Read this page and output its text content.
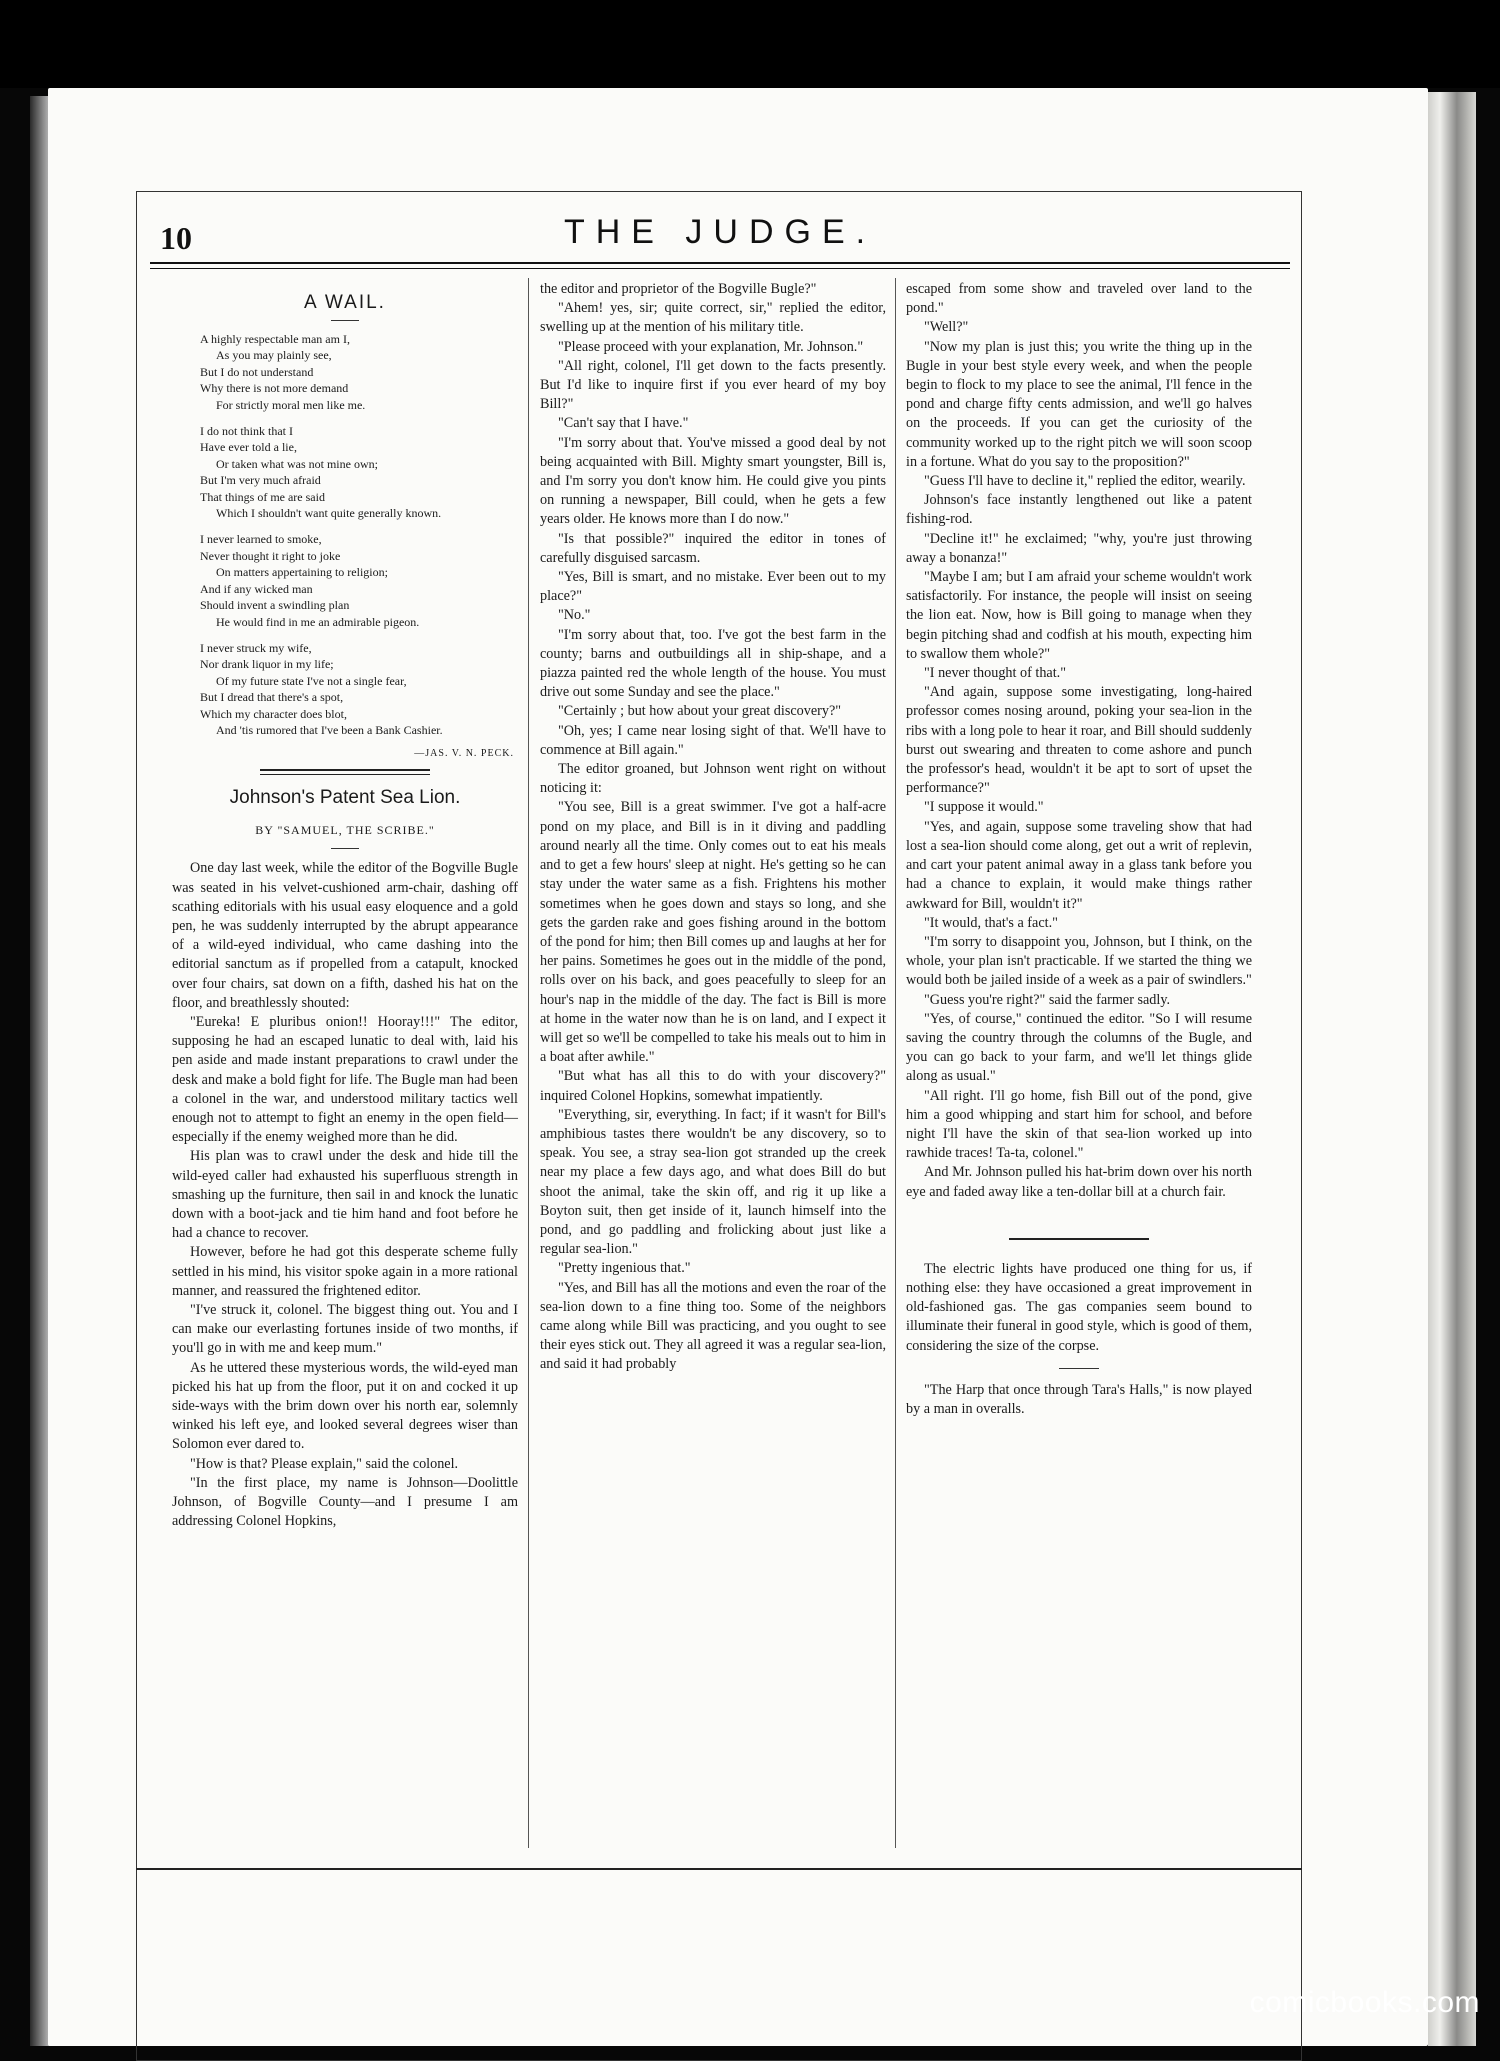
10	THE JUDGE.
A WAIL.
A highly respectable man am I,
As you may plainly see,
But I do not understand
Why there is not more demand
For strictly moral men like me.
I do not think that I
Have ever told a lie,
Or taken what was not mine own;
But I'm very much afraid
That things of me are said
Which I shouldn't want quite generally known.
I never learned to smoke,
Never thought it right to joke
On matters appertaining to religion;
And if any wicked man
Should invent a swindling plan
He would find in me an admirable pigeon.
I never struck my wife,
Nor drank liquor in my life;
Of my future state I've not a single fear,
But I dread that there's a spot,
Which my character does blot,
And 'tis rumored that I've been a Bank Cashier.
—JAS. V. N. PECK.
Johnson's Patent Sea Lion.
BY "SAMUEL, THE SCRIBE."

One day last week, while the editor of the Bogville Bugle was seated in his velvet-cushioned arm-chair, dashing off scathing editorials with his usual easy eloquence and a gold pen, he was suddenly interrupted by the abrupt appearance of a wild-eyed individual, who came dashing into the editorial sanctum as if propelled from a catapult, knocked over four chairs, sat down on a fifth, dashed his hat on the floor, and breathlessly shouted:

"Eureka! E pluribus onion!! Hooray!!!" The editor, supposing he had an escaped lunatic to deal with, laid his pen aside and made instant preparations to crawl under the desk and make a bold fight for life. The Bugle man had been a colonel in the war, and understood military tactics well enough not to attempt to fight an enemy in the open field—especially if the enemy weighed more than he did.

His plan was to crawl under the desk and hide till the wild-eyed caller had exhausted his superfluous strength in smashing up the furniture, then sail in and knock the lunatic down with a boot-jack and tie him hand and foot before he had a chance to recover.

However, before he had got this desperate scheme fully settled in his mind, his visitor spoke again in a more rational manner, and reassured the frightened editor.

"I've struck it, colonel. The biggest thing out. You and I can make our everlasting fortunes inside of two months, if you'll go in with me and keep mum."

As he uttered these mysterious words, the wild-eyed man picked his hat up from the floor, put it on and cocked it up side-ways with the brim down over his north ear, solemnly winked his left eye, and looked several degrees wiser than Solomon ever dared to.

"How is that? Please explain," said the colonel.

"In the first place, my name is Johnson—Doolittle Johnson, of Bogville County—and I presume I am addressing Colonel Hopkins,

the editor and proprietor of the Bogville Bugle?"

"Ahem! yes, sir; quite correct, sir," replied the editor, swelling up at the mention of his military title.

"Please proceed with your explanation, Mr. Johnson."

"All right, colonel, I'll get down to the facts presently. But I'd like to inquire first if you ever heard of my boy Bill?"

"Can't say that I have."

"I'm sorry about that. You've missed a good deal by not being acquainted with Bill. Mighty smart youngster, Bill is, and I'm sorry you don't know him. He could give you pints on running a newspaper, Bill could, when he gets a few years older. He knows more than I do now."

"Is that possible?" inquired the editor in tones of carefully disguised sarcasm.

"Yes, Bill is smart, and no mistake. Ever been out to my place?"

"No."

"I'm sorry about that, too. I've got the best farm in the county; barns and outbuildings all in ship-shape, and a piazza painted red the whole length of the house. You must drive out some Sunday and see the place."

"Certainly ; but how about your great discovery?"

"Oh, yes; I came near losing sight of that. We'll have to commence at Bill again."

The editor groaned, but Johnson went right on without noticing it:

"You see, Bill is a great swimmer. I've got a half-acre pond on my place, and Bill is in it diving and paddling around nearly all the time. Only comes out to eat his meals and to get a few hours' sleep at night. He's getting so he can stay under the water same as a fish. Frightens his mother sometimes when he goes down and stays so long, and she gets the garden rake and goes fishing around in the bottom of the pond for him; then Bill comes up and laughs at her for her pains. Sometimes he goes out in the middle of the pond, rolls over on his back, and goes peacefully to sleep for an hour's nap in the middle of the day. The fact is Bill is more at home in the water now than he is on land, and I expect it will get so we'll be compelled to take his meals out to him in a boat after awhile."

"But what has all this to do with your discovery?" inquired Colonel Hopkins, somewhat impatiently.

"Everything, sir, everything. In fact; if it wasn't for Bill's amphibious tastes there wouldn't be any discovery, so to speak. You see, a stray sea-lion got stranded up the creek near my place a few days ago, and what does Bill do but shoot the animal, take the skin off, and rig it up like a Boyton suit, then get inside of it, launch himself into the pond, and go paddling and frolicking about just like a regular sea-lion."

"Pretty ingenious that."

"Yes, and Bill has all the motions and even the roar of the sea-lion down to a fine thing too. Some of the neighbors came along while Bill was practicing, and you ought to see their eyes stick out. They all agreed it was a regular sea-lion, and said it had probably

escaped from some show and traveled over land to the pond."

"Well?"

"Now my plan is just this; you write the thing up in the Bugle in your best style every week, and when the people begin to flock to my place to see the animal, I'll fence in the pond and charge fifty cents admission, and we'll go halves on the proceeds. If you can get the curiosity of the community worked up to the right pitch we will soon scoop in a fortune. What do you say to the proposition?"

"Guess I'll have to decline it," replied the editor, wearily.

Johnson's face instantly lengthened out like a patent fishing-rod.

"Decline it!" he exclaimed; "why, you're just throwing away a bonanza!"

"Maybe I am; but I am afraid your scheme wouldn't work satisfactorily. For instance, the people will insist on seeing the lion eat. Now, how is Bill going to manage when they begin pitching shad and codfish at his mouth, expecting him to swallow them whole?"

"I never thought of that."

"And again, suppose some investigating, long-haired professor comes nosing around, poking your sea-lion in the ribs with a long pole to hear it roar, and Bill should suddenly burst out swearing and threaten to come ashore and punch the professor's head, wouldn't it be apt to sort of upset the performance?"

"I suppose it would."

"Yes, and again, suppose some traveling show that had lost a sea-lion should come along, get out a writ of replevin, and cart your patent animal away in a glass tank before you had a chance to explain, it would make things rather awkward for Bill, wouldn't it?"

"It would, that's a fact."

"I'm sorry to disappoint you, Johnson, but I think, on the whole, your plan isn't practicable. If we started the thing we would both be jailed inside of a week as a pair of swindlers."

"Guess you're right?" said the farmer sadly.

"Yes, of course," continued the editor. "So I will resume saving the country through the columns of the Bugle, and you can go back to your farm, and we'll let things glide along as usual."

"All right. I'll go home, fish Bill out of the pond, give him a good whipping and start him for school, and before night I'll have the skin of that sea-lion worked up into rawhide traces! Ta-ta, colonel."

And Mr. Johnson pulled his hat-brim down over his north eye and faded away like a ten-dollar bill at a church fair.

The electric lights have produced one thing for us, if nothing else: they have occasioned a great improvement in old-fashioned gas. The gas companies seem bound to illuminate their funeral in good style, which is good of them, considering the size of the corpse.

"The Harp that once through Tara's Halls," is now played by a man in overalls.

comicbooks.com
